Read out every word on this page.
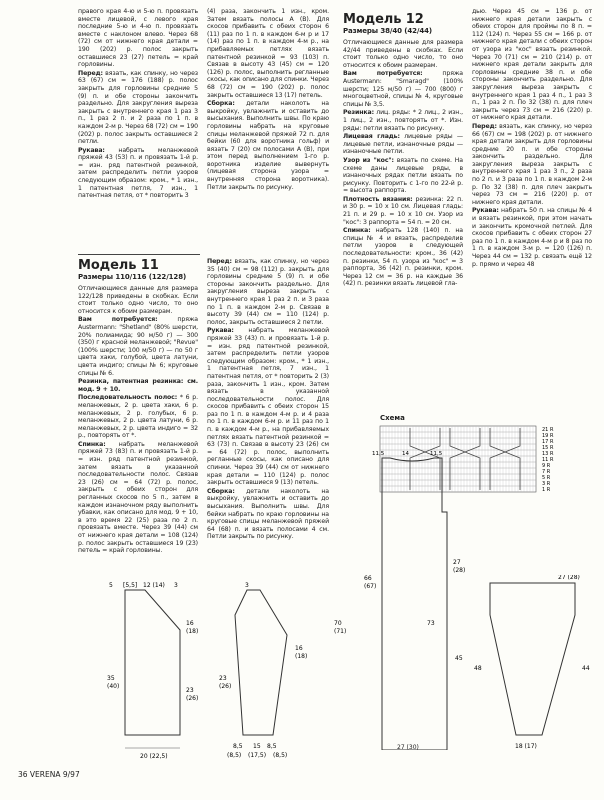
правого края 4-ю и 5-ю п. провязать вместе лицевой, с левого края последние 5-ю и 4-ю п. провязать вместе с наклоном влево. Через 68 (72) см от нижнего края детали = 190 (202) р. полос закрыть оставшиеся 23 (27) петель = край горловины.

Перед: вязать, как спинку, но через 63 (67) см = 176 (188) р. полос закрыть для горловины средние 5 (9) п. и обе стороны закончить раздельно. Для закругления выреза закрыть с внутреннего края 1 раз 3 п., 1 раз 2 п. и 2 раза по 1 п. в каждом 2-м р. Через 68 (72) см = 190 (202) р. полос закрыть оставшиеся 2 петли.

Рукава: набрать меланжевой пряжей 43 (53) п. и провязать 1-й р. = изн. ряд патентной резинкой, затем распределить петли узоров следующим образом: кром., * 1 изн., 1 патентная петля, 7 изн., 1 патентная петля, от * повторить 3

(4) раза, закончить 1 изн., кром. Затем вязать полосы A (B). Для скосов прибавить с обеих сторон 6 (11) раз по 1 п. в каждом 6-м р и 17 (14) раз по 1 п. в каждом 4-м р., на прибавляемых петлях вязать патентной резинкой = 93 (103) п. Связав в высоту 43 (45) см = 120 (126) р. полос, выполнить регланные скосы, как описано для спинки. Через 68 (72) см = 190 (202) р. полос закрыть оставшиеся 13 (17) петель.

Сборка: детали наколоть на выкройку, увлажнить и оставить до высыхания. Выполнить швы. По краю горловины набрать на круговые спицы меланжевой пряжей 72 п. для бейки (60 для воротника гольф) и вязать 7 (20) см полосами A (B), при этом перед выполнением 1-го р. воротника изделие вывернуть (лицевая сторона узора = внутренняя сторона воротника). Петли закрыть по рисунку.

Модель 11
Размеры 110/116 (122/128)

Отличающиеся данные для размера 122/128 приведены в скобках. Если стоит только одно число, то оно относится к обоим размерам.

Вам потребуется: пряжа Austermann: "Shetland" (80% шерсти, 20% полиамида; 90 м/50 г) — 300 (350) г красной меланжевой; "Revue" (100% шерсти; 100 м/50 г) — по 50 г цвета хаки, голубой, цвета латуни, цвета индиго; спицы № 6; круговые спицы № 6.

Резинка, патентная резинка: см. мод. 9 + 10.

Последовательность полос: * 6 р. меланжевых, 2 р. цвета хаки, 6 р. меланжевых, 2 р. голубых, 6 р. меланжевых, 2 р. цвета латуни, 6 р. меланжевых, 2 р. цвета индиго = 32 р., повторять от *.

Спинка: набрать меланжевой пряжей 73 (83) п. и провязать 1-й р. = изн. ряд патентной резинкой, затем вязать в указанной последовательности полос. Связав 23 (26) см = 64 (72) р. полос, закрыть с обеих сторон для регланных скосов по 5 п., затем в каждом изнаночном ряду выполнить убавки, как описано для мод. 9 + 10, в это время 22 (25) раза по 2 п. провязать вместе. Через 39 (44) см от нижнего края детали = 108 (124) р. полос закрыть оставшиеся 19 (23) петель = край горловины.

Перед: вязать, как спинку, но через 35 (40) см = 98 (112) р. закрыть для горловины средние 5 (9) п. и обе стороны закончить раздельно. Для закругления выреза закрыть с внутреннего края 1 раз 2 п. и 3 раза по 1 п. в каждом 2-м р. Связав в высоту 39 (44) см = 110 (124) р. полос, закрыть оставшиеся 2 петли.

Рукава: набрать меланжевой пряжей 33 (43) п. и провязать 1-й р. = изн. ряд патентной резинкой, затем распределить петли узоров следующим образом: кром., * 1 изн., 1 патентная петля, 7 изн., 1 патентная петля, от * повторить 2 (3) раза, закончить 1 изн., кром. Затем вязать в указанной последовательности полос. Для скосов прибавить с обеих сторон 15 раз по 1 п. в каждом 4-м р. и 4 раза по 1 п. в каждом 6-м р. и 11 раз по 1 п. в каждом 4-м р., на прибавляемых петлях вязать патентной резинкой = 63 (73) п. Связав в высоту 23 (26) см = 64 (72) р. полос, выполнить регланные скосы, как описано для спинки. Через 39 (44) см от нижнего края детали = 110 (124) р. полос закрыть оставшиеся 9 (13) петель.

Сборка: детали наколоть на выкройку, увлажнить и оставить до высыхания. Выполнить швы. Для бейки набрать по краю горловины на круговые спицы меланжевой пряжей 64 (68) п. и вязать полосами 4 см. Петли закрыть по рисунку.

Модель 12
Размеры 38/40 (42/44)

Отличающиеся данные для размера 42/44 приведены в скобках. Если стоит только одно число, то оно относится к обоим размерам.

Вам потребуется: пряжа Austermann: "Smaragd" (100% шерсти; 125 м/50 г) — 700 (800) г многоцветной, спицы № 4, круговые спицы № 3,5.

Резинка: лиц. ряды: * 2 лиц., 2 изн., 1 лиц., 2 изн., повторять от *. Изн. ряды: петли вязать по рисунку.

Лицевая гладь: лицевые ряды — лицевые петли, изнаночные ряды — изнаночные петли.

Узор из "кос": вязать по схеме. На схеме даны лицевые ряды, в изнаночных рядах петли вязать по рисунку. Повторить с 1-го по 22-й р. = высота раппорта.

Плотность вязания: резинка: 22 п. и 30 р. = 10 х 10 см. Лицевая гладь: 21 п. и 29 р. = 10 х 10 см. Узор из "кос": 3 раппорта = 54 п. = 20 см.

Спинка: набрать 128 (140) п. на спицы № 4 и вязать, распределив петли узоров в следующей последовательности: кром., 36 (42) п. резинки, 54 п. узора из "кос" = 3 раппорта, 36 (42) п. резинки, кром. Через 12 см = 36 р. на каждые 36 (42) п. резинки вязать лицевой гла-

дью. Через 45 см = 136 р. от нижнего края детали закрыть с обеих сторон для проймы по 8 п. = 112 (124) п. Через 55 см = 166 р. от нижнего края детали с обеих сторон от узора из "кос" вязать резинкой. Через 70 (71) см = 210 (214) р. от нижнего края детали закрыть для горловины средние 38 п. и обе стороны закончить раздельно. Для закругления выреза закрыть с внутреннего края 1 раз 4 п., 1 раз 3 п., 1 раз 2 п. По 32 (38) п. для плеч закрыть через 73 см = 216 (220) р. от нижнего края детали.

Перед: вязать, как спинку, но через 66 (67) см = 198 (202) р. от нижнего края детали закрыть для горловины средние 20 п. и обе стороны закончить раздельно. Для закругления выреза закрыть с внутреннего края 1 раз 3 п., 2 раза по 2 п. и 3 раза по 1 п. в каждом 2-м р. По 32 (38) п. для плеч закрыть через 73 см = 216 (220) р. от нижнего края детали.

Рукава: набрать 50 п. на спицы № 4 и вязать резинкой, при этом начать и закончить кромочной петлей. Для скосов прибавить с обеих сторон 27 раз по 1 п. в каждом 4-м р и 8 раз по 1 п. в каждом 3-м р. = 120 (126) п. Через 44 см = 132 р. связать ещё 12 р. прямо и через 48

Схема
21 R
19 R
17 R
15 R
13 R
11 R
9 R
7 R
5 R
3 R
1 R
5 [5,5] 12 (14) 3
35
(40)
16
(18)
23
(26)
20 (22,5)
3
16
(18)
23
(26)
8,5 15 8,5
(8,5) (17,5) (8,5)
11,5	14	11,5
66
(67)
70
(71)
27
(28)
45
73
27 (30)
27 (28)
44
48
18 (17)
36 VERENA 9/97
